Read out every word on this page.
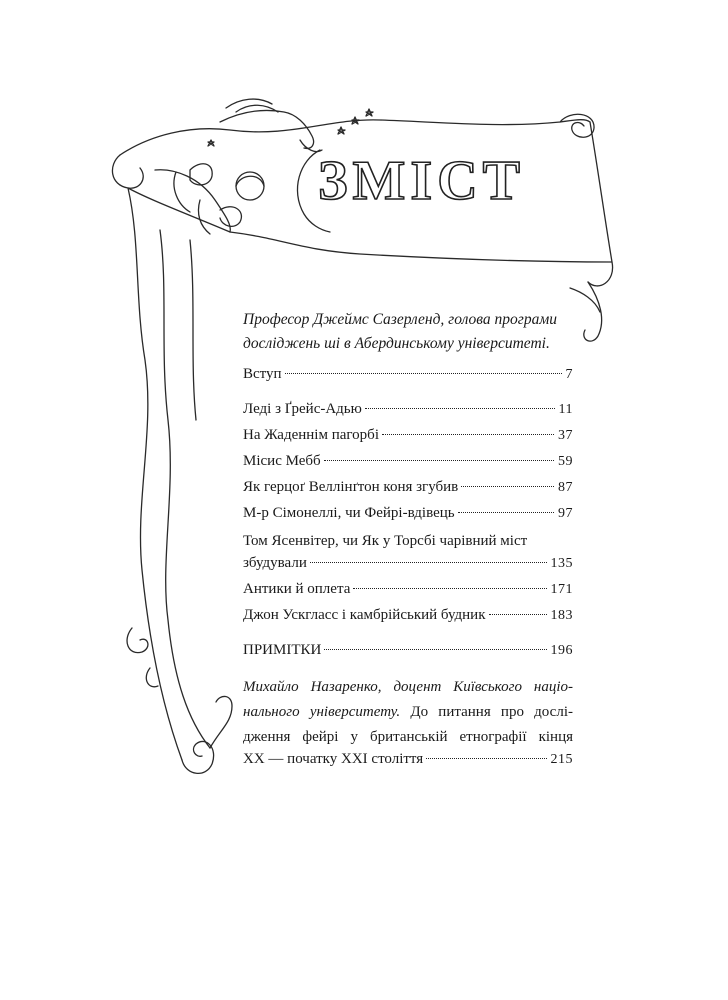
ЗМІСТ
Професор Джеймс Сазерленд, голова програми
досліджень ші в Абердинському університеті.
Вступ	7
Леді з Ґрейс-Адью	11
На Жаденнім пагорбі	37
Місис Мебб	59
Як герцоґ Веллінґтон коня згубив	87
М-р Сімонеллі, чи Фейрі-вдівець	97
Том Ясенвітер, чи Як у Торсбі чарівний міст
збудували	135
Антики й оплета	171
Джон Ускгласс і камбрійський будник	183
ПРИМІТКИ	196
Михайло Назаренко, доцент Київського націо-
нального університету. До питання про дослі-
дження фейрі у британській етнографії кінця
ХХ — початку ХХІ століття	215
